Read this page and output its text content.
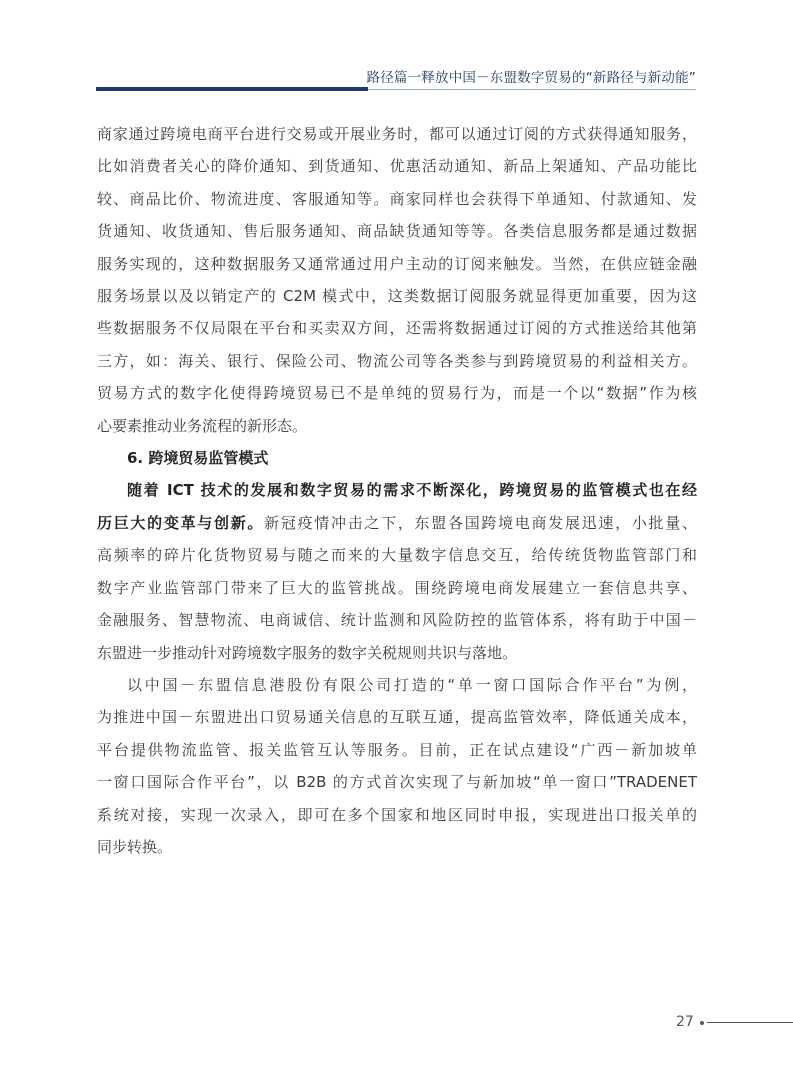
路径篇一释放中国－东盟数字贸易的“新路径与新动能”

商家通过跨境电商平台进行交易或开展业务时，都可以通过订阅的方式获得通知服务，
比如消费者关心的降价通知、到货通知、优惠活动通知、新品上架通知、产品功能比
较、商品比价、物流进度、客服通知等。商家同样也会获得下单通知、付款通知、发
货通知、收货通知、售后服务通知、商品缺货通知等等。各类信息服务都是通过数据
服务实现的，这种数据服务又通常通过用户主动的订阅来触发。当然，在供应链金融
服务场景以及以销定产的 C2M 模式中，这类数据订阅服务就显得更加重要，因为这
些数据服务不仅局限在平台和买卖双方间，还需将数据通过订阅的方式推送给其他第
三方，如：海关、银行、保险公司、物流公司等各类参与到跨境贸易的利益相关方。
贸易方式的数字化使得跨境贸易已不是单纯的贸易行为，而是一个以“数据”作为核
心要素推动业务流程的新形态。

6. 跨境贸易监管模式

随着 ICT 技术的发展和数字贸易的需求不断深化，跨境贸易的监管模式也在经
历巨大的变革与创新。新冠疫情冲击之下，东盟各国跨境电商发展迅速，小批量、
高频率的碎片化货物贸易与随之而来的大量数字信息交互，给传统货物监管部门和
数字产业监管部门带来了巨大的监管挑战。围绕跨境电商发展建立一套信息共享、
金融服务、智慧物流、电商诚信、统计监测和风险防控的监管体系，将有助于中国－
东盟进一步推动针对跨境数字服务的数字关税规则共识与落地。

以中国－东盟信息港股份有限公司打造的“单一窗口国际合作平台”为例，
为推进中国－东盟进出口贸易通关信息的互联互通，提高监管效率，降低通关成本，
平台提供物流监管、报关监管互认等服务。目前，正在试点建设“广西－新加坡单
一窗口国际合作平台”，以 B2B 的方式首次实现了与新加坡“单一窗口”TRADENET
系统对接，实现一次录入，即可在多个国家和地区同时申报，实现进出口报关单的
同步转换。

27
